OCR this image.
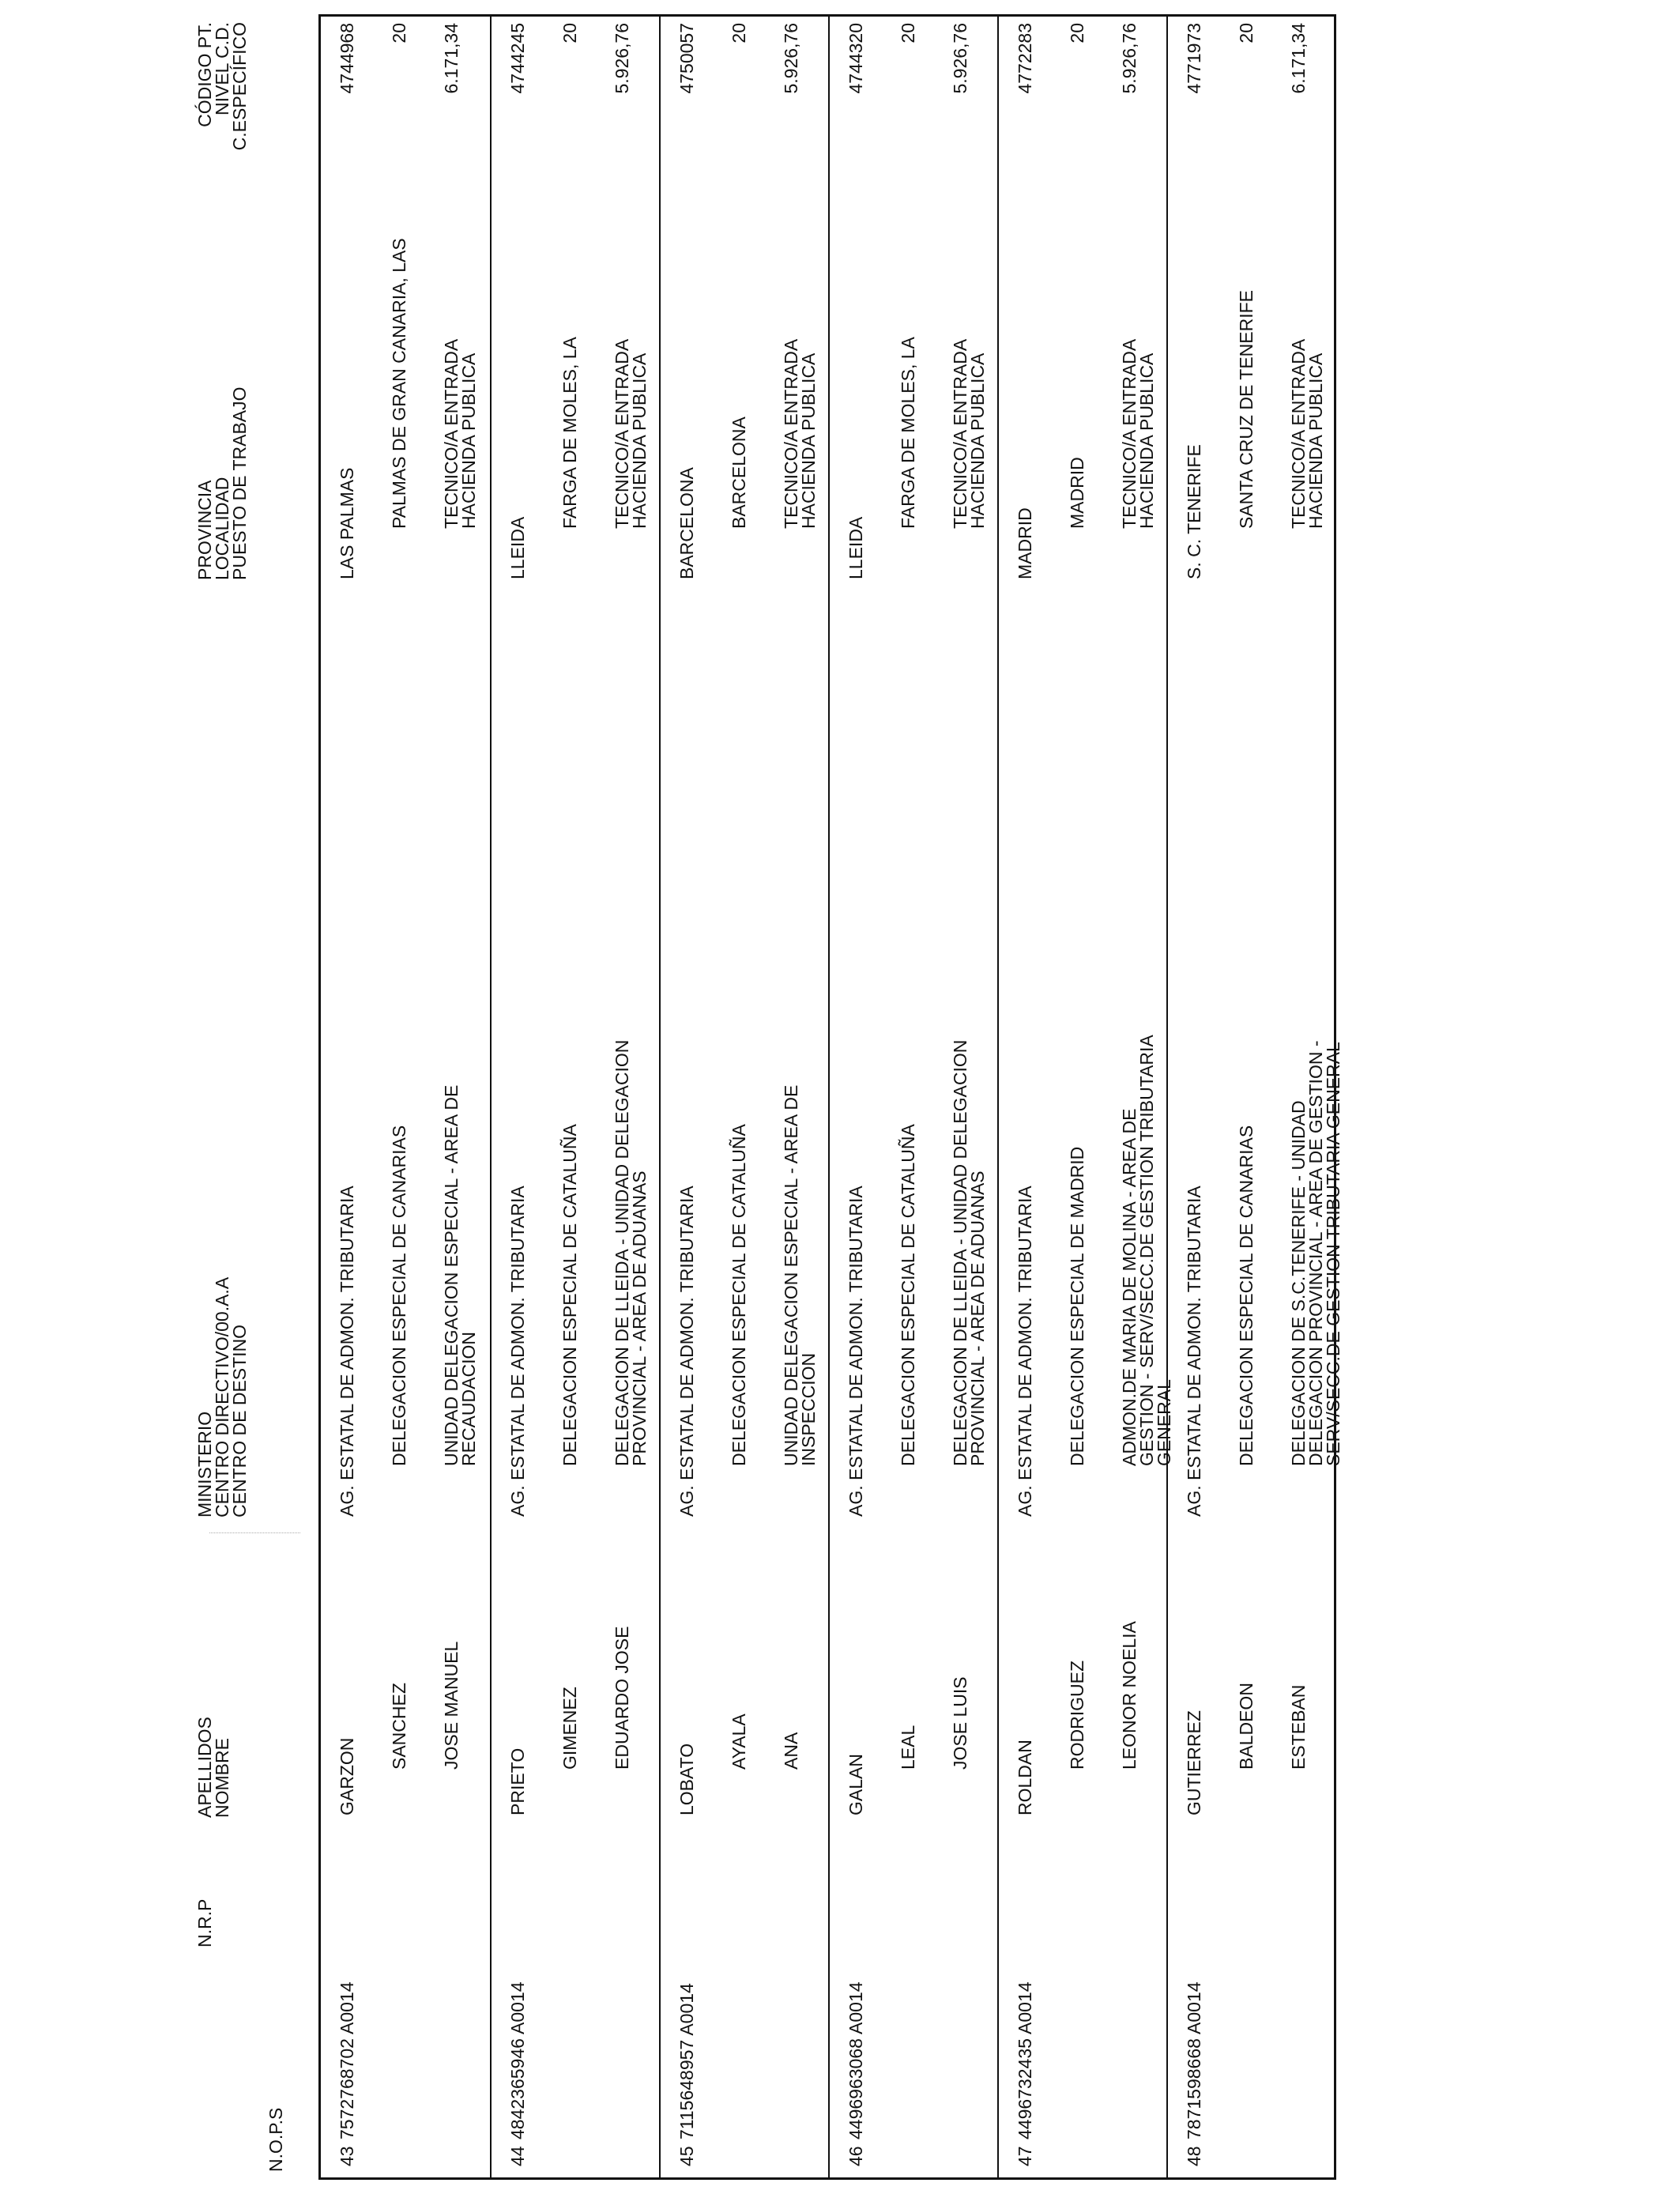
N.O.P.S
N.R.P
APELLIDOS
NOMBRE
MINISTERIO
CENTRO DIRECTIVO/00.A.A
CENTRO DE DESTINO
PROVINCIA
LOCALIDAD
PUESTO DE TRABAJO
CÓDIGO PT.
NIVEL C.D.
C.ESPECÍFICO
43
7572768702 A0014
GARZON
SANCHEZ JOSE MANUEL
AG. ESTATAL DE ADMON. TRIBUTARIA DELEGACION ESPECIAL DE CANARIAS UNIDAD DELEGACION ESPECIAL - AREA DE RECAUDACION
LAS PALMAS PALMAS DE GRAN CANARIA, LAS TECNICO/A ENTRADA HACIENDA PUBLICA
4744968 20 6.171,34
44
4842365946 A0014
PRIETO
GIMENEZ EDUARDO JOSE
AG. ESTATAL DE ADMON. TRIBUTARIA DELEGACION ESPECIAL DE CATALUÑA DELEGACION DE LLEIDA - UNIDAD DELEGACION PROVINCIAL - AREA DE ADUANAS
LLEIDA
FARGA DE MOLES, LA TECNICO/A ENTRADA HACIENDA PUBLICA
4744245 20 5.926,76
45
7115648957 A0014
LOBATO
AYALA ANA
AG. ESTATAL DE ADMON. TRIBUTARIA DELEGACION ESPECIAL DE CATALUÑA UNIDAD DELEGACION ESPECIAL - AREA DE INSPECCION
BARCELONA BARCELONA TECNICO/A ENTRADA HACIENDA PUBLICA
4750057 20 5.926,76
46
4496963068 A0014
GALAN
LEAL JOSE LUIS
AG. ESTATAL DE ADMON. TRIBUTARIA DELEGACION ESPECIAL DE CATALUÑA DELEGACION DE LLEIDA - UNIDAD DELEGACION PROVINCIAL - AREA DE ADUANAS
LLEIDA
FARGA DE MOLES, LA TECNICO/A ENTRADA HACIENDA PUBLICA
4744320 20 5.926,76
47
4496732435 A0014
ROLDAN
RODRIGUEZ LEONOR NOELIA
AG. ESTATAL DE ADMON. TRIBUTARIA DELEGACION ESPECIAL DE MADRID ADMON.DE MARIA DE MOLINA - AREA DE GESTION - SERV/SECC.DE GESTION TRIBUTARIA GENERAL
MADRID
MADRID TECNICO/A ENTRADA HACIENDA PUBLICA
4772283 20 5.926,76
48
7871598668 A0014
GUTIERREZ BALDEON ESTEBAN
AG. ESTATAL DE ADMON. TRIBUTARIA DELEGACION ESPECIAL DE CANARIAS DELEGACION DE S.C.TENERIFE - UNIDAD DELEGACION PROVINCIAL - AREA DE GESTION - SERV/SECC.DE GESTION TRIBUTARIA GENERAL
S. C. TENERIFE SANTA CRUZ DE TENERIFE TECNICO/A ENTRADA HACIENDA PUBLICA
4771973 20 6.171,34
